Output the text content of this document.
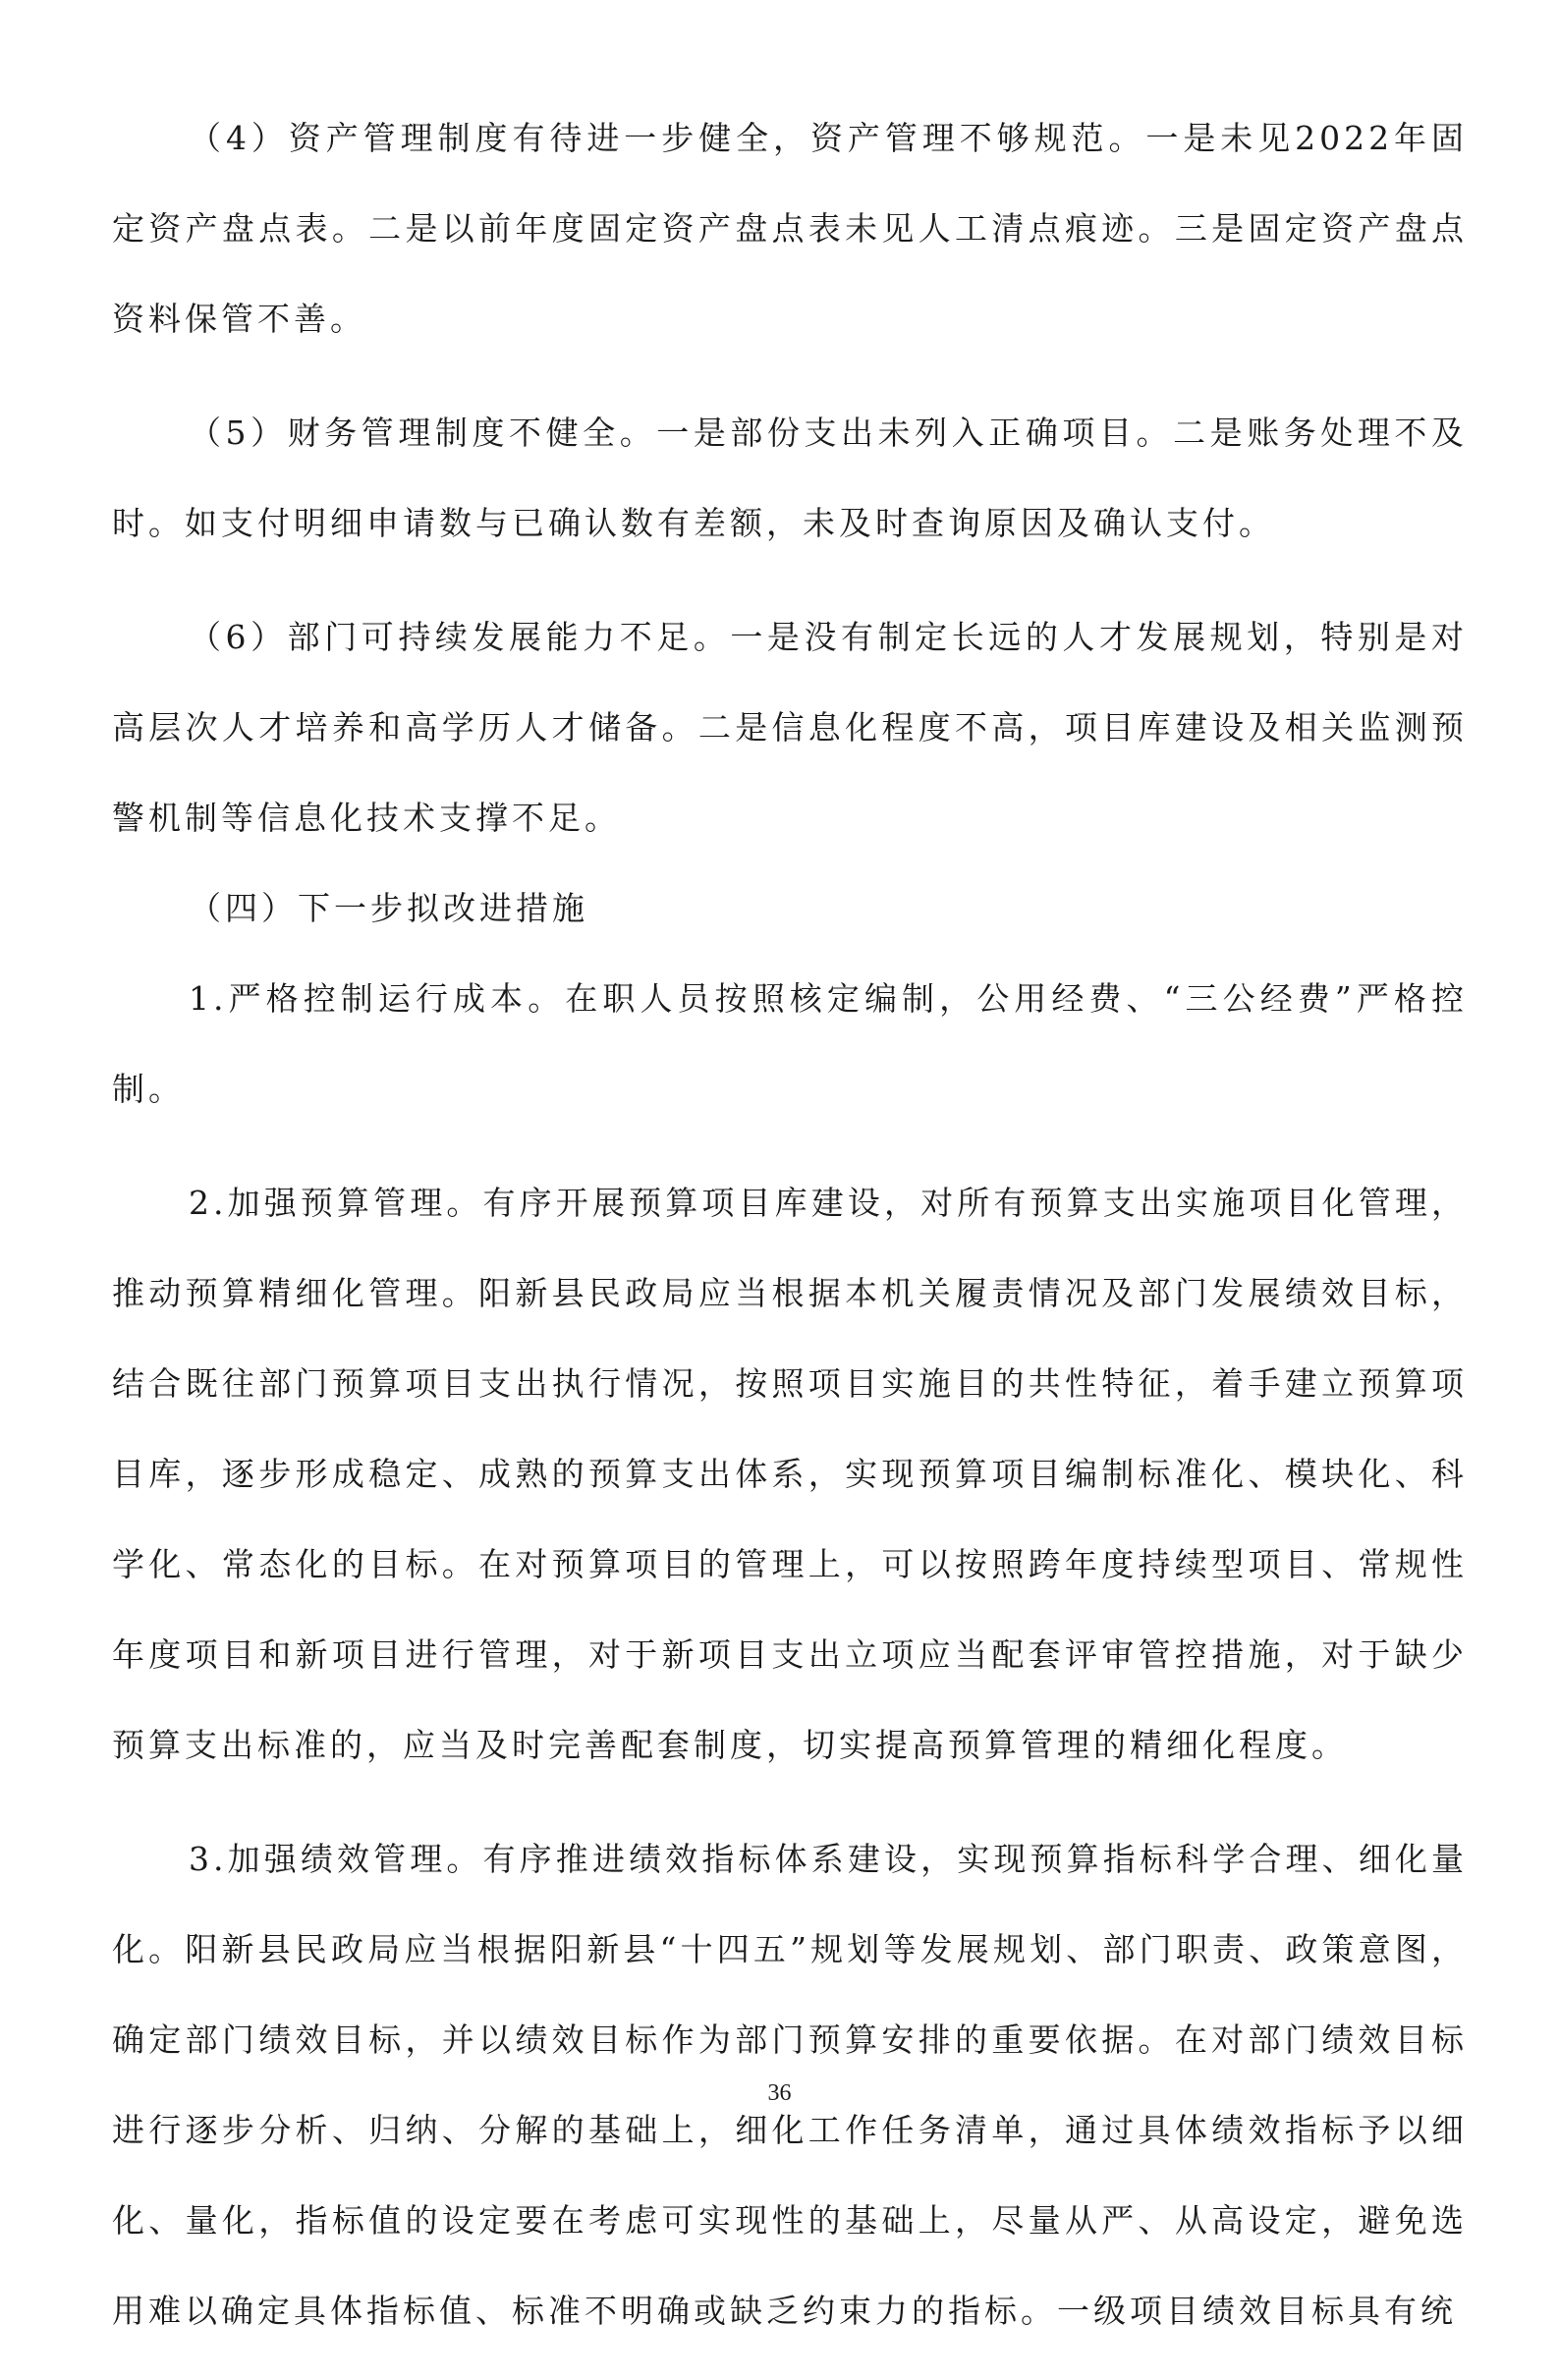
（4）资产管理制度有待进一步健全，资产管理不够规范。一是未见2022年固定资产盘点表。二是以前年度固定资产盘点表未见人工清点痕迹。三是固定资产盘点资料保管不善。

（5）财务管理制度不健全。一是部份支出未列入正确项目。二是账务处理不及时。如支付明细申请数与已确认数有差额，未及时查询原因及确认支付。

（6）部门可持续发展能力不足。一是没有制定长远的人才发展规划，特别是对高层次人才培养和高学历人才储备。二是信息化程度不高，项目库建设及相关监测预警机制等信息化技术支撑不足。

（四）下一步拟改进措施

1.严格控制运行成本。在职人员按照核定编制，公用经费、“三公经费”严格控制。

2.加强预算管理。有序开展预算项目库建设，对所有预算支出实施项目化管理，推动预算精细化管理。阳新县民政局应当根据本机关履责情况及部门发展绩效目标，结合既往部门预算项目支出执行情况，按照项目实施目的共性特征，着手建立预算项目库，逐步形成稳定、成熟的预算支出体系，实现预算项目编制标准化、模块化、科学化、常态化的目标。在对预算项目的管理上，可以按照跨年度持续型项目、常规性年度项目和新项目进行管理，对于新项目支出立项应当配套评审管控措施，对于缺少预算支出标准的，应当及时完善配套制度，切实提高预算管理的精细化程度。

3.加强绩效管理。有序推进绩效指标体系建设，实现预算指标科学合理、细化量化。阳新县民政局应当根据阳新县“十四五”规划等发展规划、部门职责、政策意图，确定部门绩效目标，并以绩效目标作为部门预算安排的重要依据。在对部门绩效目标进行逐步分析、归纳、分解的基础上，细化工作任务清单，通过具体绩效指标予以细化、量化，指标值的设定要在考虑可实现性的基础上，尽量从严、从高设定，避免选用难以确定具体指标值、标准不明确或缺乏约束力的指标。一级项目绩效目标具有统

36
